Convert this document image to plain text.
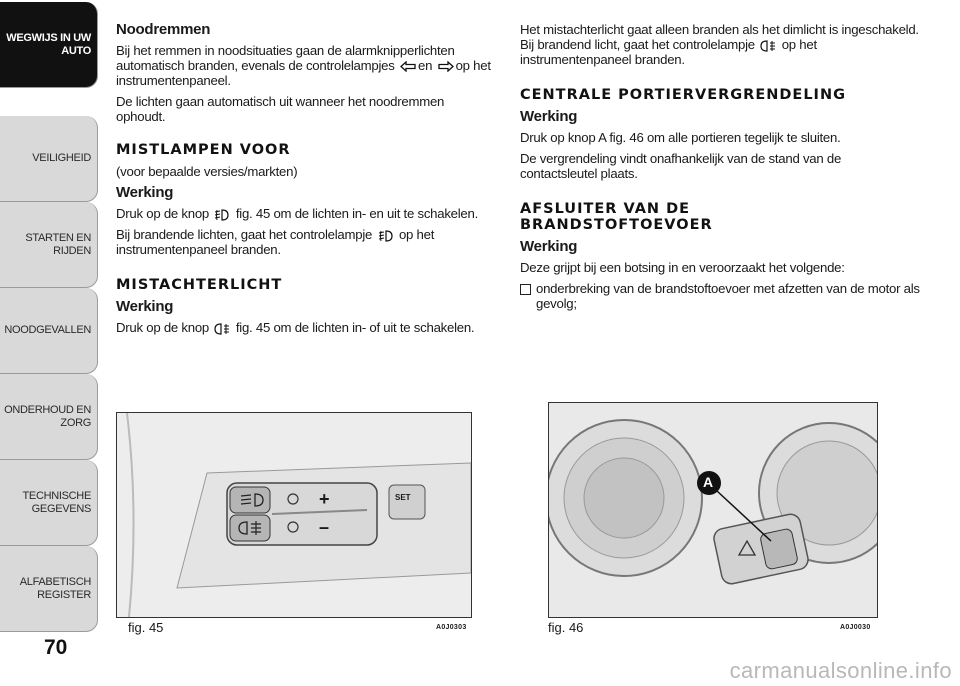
WEGWIJS IN UW AUTO
VEILIGHEID
STARTEN EN RIJDEN
NOODGEVALLEN
ONDERHOUD EN ZORG
TECHNISCHE GEGEVENS
ALFABETISCH REGISTER
70

Noodremmen

Bij het remmen in noodsituaties gaan de alarmknipperlichten automatisch branden, evenals de controlelampjes en op het instrumentenpaneel.

De lichten gaan automatisch uit wanneer het noodremmen ophoudt.

MISTLAMPEN VOOR

(voor bepaalde versies/markten)

Werking

Druk op de knop fig. 45 om de lichten in- en uit te schakelen.

Bij brandende lichten, gaat het controlelampje op het instrumentenpaneel branden.

MISTACHTERLICHT

Werking

Druk op de knop fig. 45 om de lichten in- of uit te schakelen.

+
–
SET
fig. 45	A0J0303

Het mistachterlicht gaat alleen branden als het dimlicht is ingeschakeld. Bij brandend licht, gaat het controlelampje op het instrumentenpaneel branden.

CENTRALE PORTIERVERGRENDELING

Werking

Druk op knop A fig. 46 om alle portieren tegelijk te sluiten.

De vergrendeling vindt onafhankelijk van de stand van de contactsleutel plaats.

AFSLUITER VAN DE
BRANDSTOFTOEVOER

Werking

Deze grijpt bij een botsing in en veroorzaakt het volgende:

onderbreking van de brandstoftoevoer met afzetten van de motor als gevolg;
A
fig. 46	A0J0030
carmanualsonline.info
